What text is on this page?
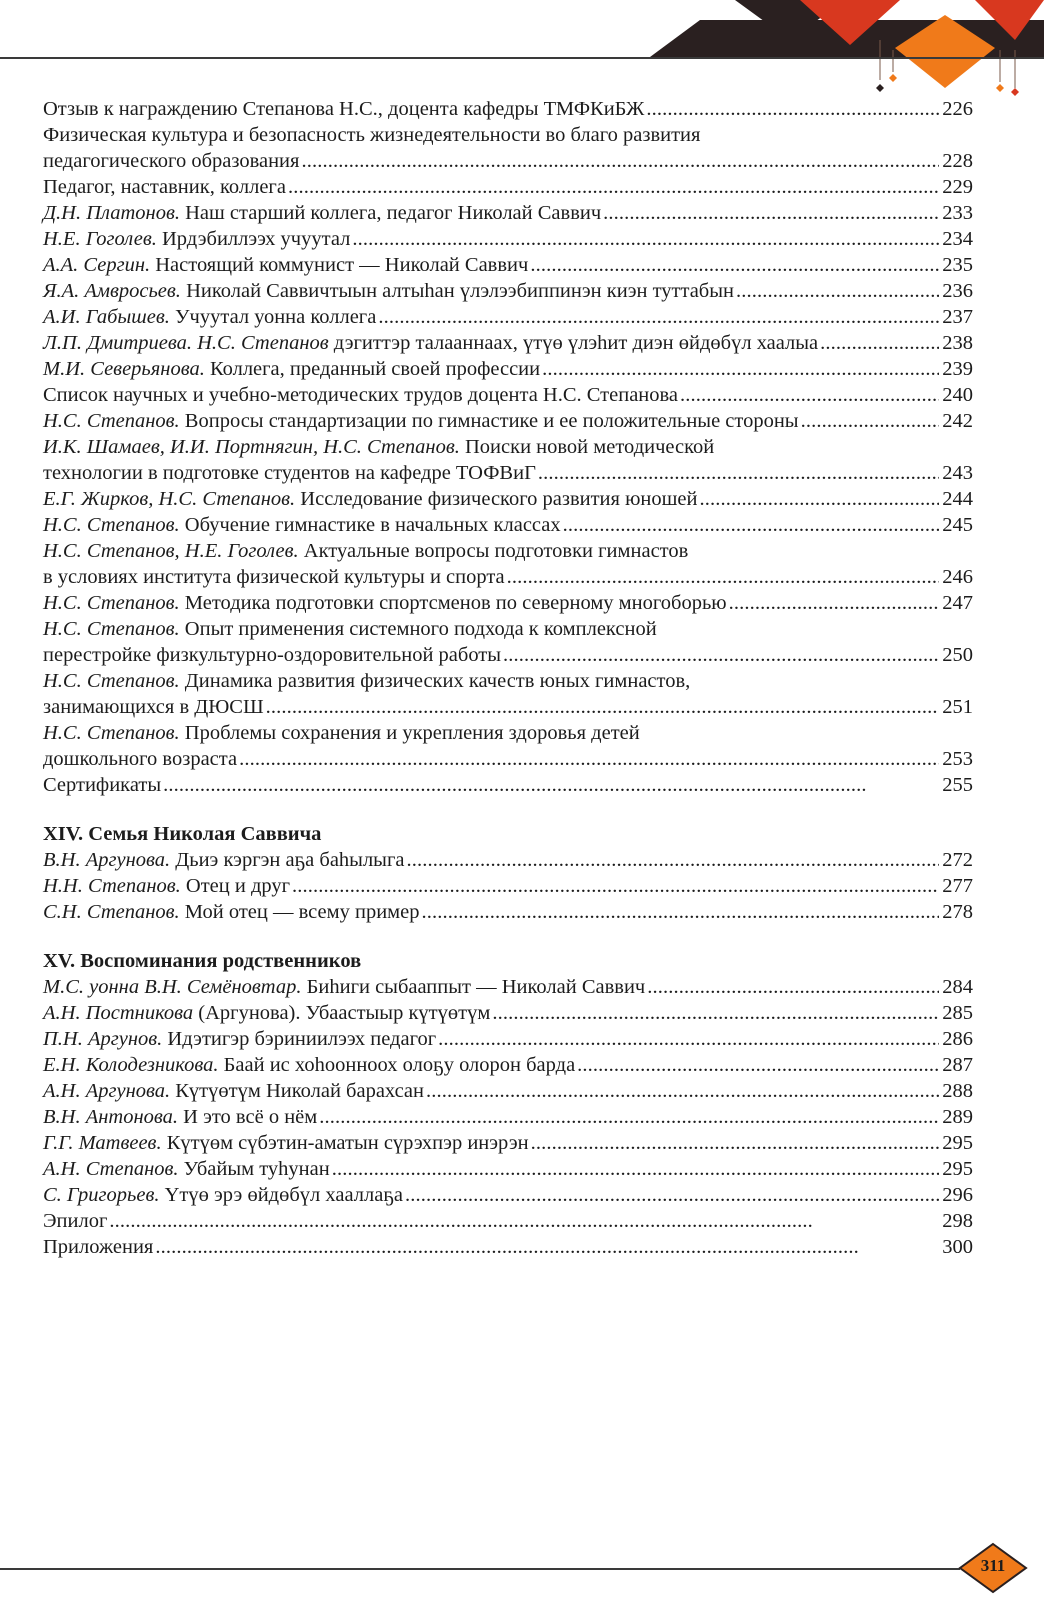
Отзыв к награждению Степанова Н.С., доцента кафедры ТМФКиБЖ . . .	226
Физическая культура и безопасность жизнедеятельности во благо развития
педагогического образования . . .	228
Педагог, наставник, коллега . . .	229
Д.Н. Платонов. Наш старший коллега, педагог Николай Саввич . . .	233
Н.Е. Гоголев. Ирдэбиллээх учуутал . . .	234
А.А. Сергин. Настоящий коммунист — Николай Саввич . . .	235
Я.А. Амвросьев. Николай Саввичтыын алтыһан үлэлээбиппинэн киэн туттабын . . .	236
А.И. Габышев. Учуутал уонна коллега . . .	237
Л.П. Дмитриева. Н.С. Степанов дэгиттэр талааннаах, үтүө үлэһит диэн өйдөбүл хаалыа . . .	238
М.И. Северьянова. Коллега, преданный своей профессии . . .	239
Список научных и учебно-методических трудов доцента Н.С. Степанова . . .	240
Н.С. Степанов. Вопросы стандартизации по гимнастике и ее положительные стороны . . .	242
И.К. Шамаев, И.И. Портнягин, Н.С. Степанов. Поиски новой методической
технологии в подготовке студентов на кафедре ТОФВиГ . . .	243
Е.Г. Жирков, Н.С. Степанов. Исследование физического развития юношей . . .	244
Н.С. Степанов. Обучение гимнастике в начальных классах . . .	245
Н.С. Степанов, Н.Е. Гоголев. Актуальные вопросы подготовки гимнастов
в условиях института физической культуры и спорта . . .	246
Н.С. Степанов. Методика подготовки спортсменов по северному многоборью . . .	247
Н.С. Степанов. Опыт применения системного подхода к комплексной
перестройке физкультурно-оздоровительной работы . . .	250
Н.С. Степанов. Динамика развития физических качеств юных гимнастов,
занимающихся в ДЮСШ . . .	251
Н.С. Степанов. Проблемы сохранения и укрепления здоровья детей
дошкольного возраста . . .	253
Сертификаты . . .	255
XIV. Семья Николая Саввича
В.Н. Аргунова. Дьиэ кэргэн аҕа баһылыга . . .	272
Н.Н. Степанов. Отец и друг . . .	277
С.Н. Степанов. Мой отец — всему пример . . .	278
XV. Воспоминания родственников
М.С. уонна В.Н. Семёновтар. Биһиги сыбааппыт — Николай Саввич . . .	284
А.Н. Постникова (Аргунова). Убаастыыр күтүөтүм . . .	285
П.Н. Аргунов. Идэтигэр бэриниилээх педагог . . .	286
Е.Н. Колодезникова. Баай ис хоһоонноох олоҕу олорон барда . . .	287
А.Н. Аргунова. Күтүөтүм Николай барахсан . . .	288
В.Н. Антонова. И это всё о нём . . .	289
Г.Г. Матвеев. Күтүөм сүбэтин-аматын сүрэхпэр инэрэн . . .	295
А.Н. Степанов. Убайым туһунан . . .	295
С. Григорьев. Үтүө эрэ өйдөбүл хааллаҕа . . .	296
Эпилог . . .	298
Приложения . . .	300
311
